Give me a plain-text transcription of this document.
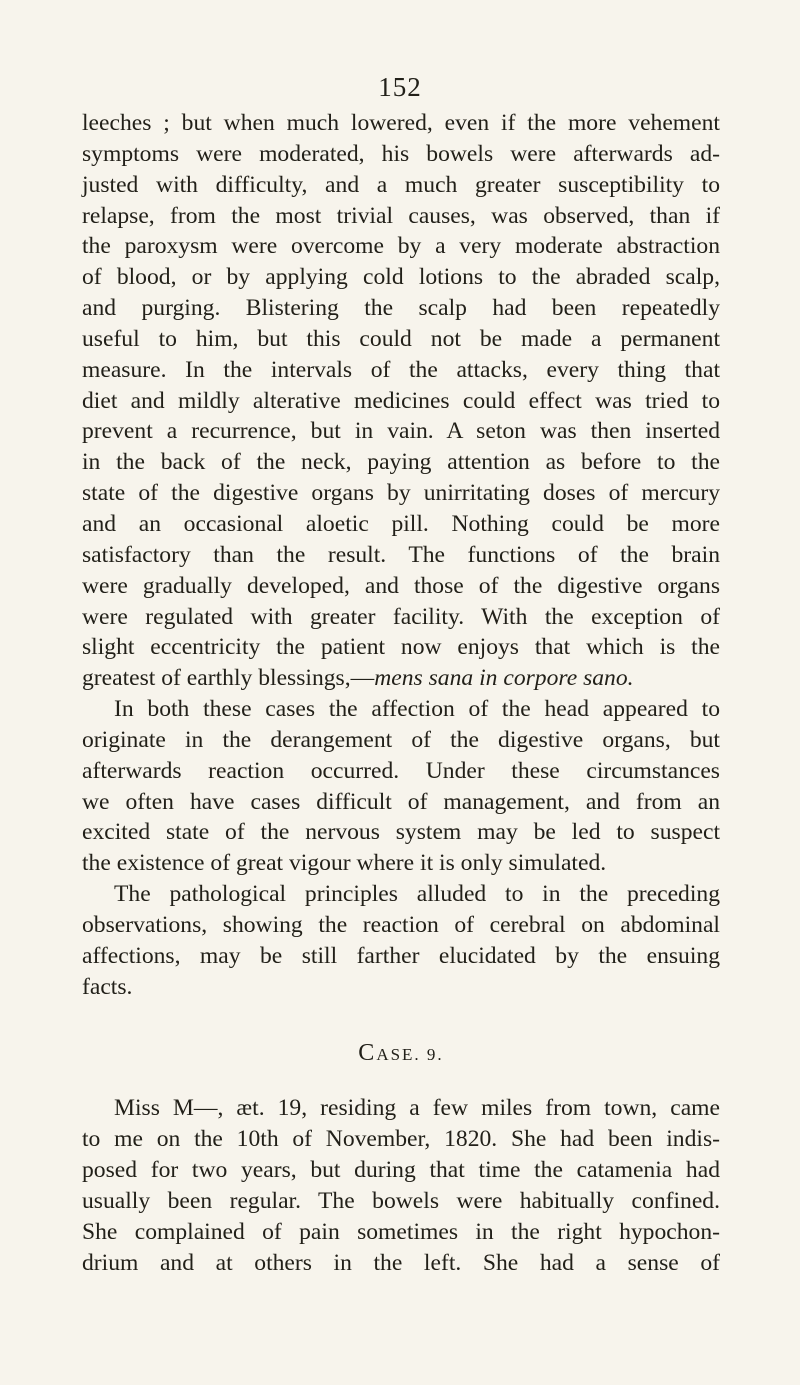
152
leeches ; but when much lowered, even if the more vehement
symptoms were moderated, his bowels were afterwards ad-
justed with difficulty, and a much greater susceptibility to
relapse, from the most trivial causes, was observed, than if
the paroxysm were overcome by a very moderate abstraction
of blood, or by applying cold lotions to the abraded scalp,
and purging. Blistering the scalp had been repeatedly
useful to him, but this could not be made a permanent
measure. In the intervals of the attacks, every thing that
diet and mildly alterative medicines could effect was tried to
prevent a recurrence, but in vain. A seton was then inserted
in the back of the neck, paying attention as before to the
state of the digestive organs by unirritating doses of mercury
and an occasional aloetic pill. Nothing could be more
satisfactory than the result. The functions of the brain
were gradually developed, and those of the digestive organs
were regulated with greater facility. With the exception of
slight eccentricity the patient now enjoys that which is the
greatest of earthly blessings,—mens sana in corpore sano.
In both these cases the affection of the head appeared to
originate in the derangement of the digestive organs, but
afterwards reaction occurred. Under these circumstances
we often have cases difficult of management, and from an
excited state of the nervous system may be led to suspect
the existence of great vigour where it is only simulated.
The pathological principles alluded to in the preceding
observations, showing the reaction of cerebral on abdominal
affections, may be still farther elucidated by the ensuing
facts.
CASE. 9.
Miss M—, æt. 19, residing a few miles from town, came
to me on the 10th of November, 1820. She had been indis-
posed for two years, but during that time the catamenia had
usually been regular. The bowels were habitually confined.
She complained of pain sometimes in the right hypochon-
drium and at others in the left. She had a sense of
